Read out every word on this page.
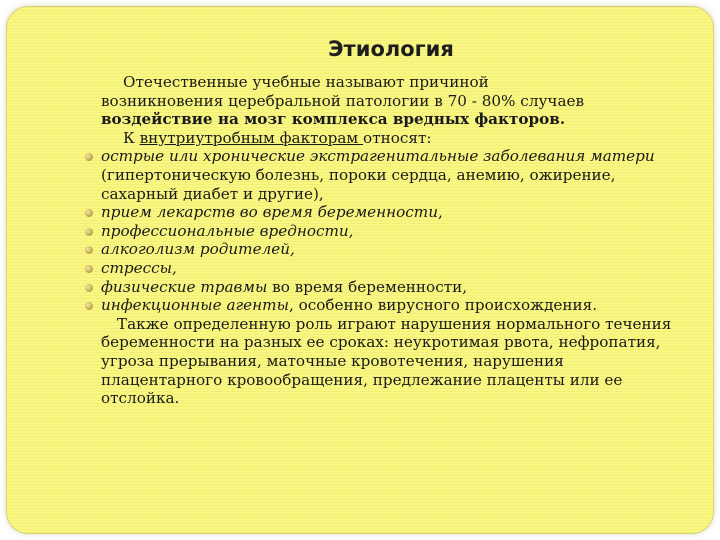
Этиология

Отечественные учебные называют причиной

возникновения церебральной патологии в 70 - 80% случаев

воздействие на мозг комплекса вредных факторов.

К внутриутробным факторам относят:

острые или хронические экстрагенитальные заболевания матери (гипертоническую болезнь, пороки сердца, анемию, ожирение, сахарный диабет и другие),
прием лекарств во время беременности,
профессиональные вредности,
алкоголизм родителей,
стрессы,
физические травмы во время беременности,
инфекционные агенты, особенно вирусного происхождения.

Также определенную роль играют нарушения нормального течения беременности на разных ее сроках: неукротимая рвота, нефропатия, угроза прерывания, маточные кровотечения, нарушения плацентарного кровообращения, предлежание плаценты или ее отслойка.
